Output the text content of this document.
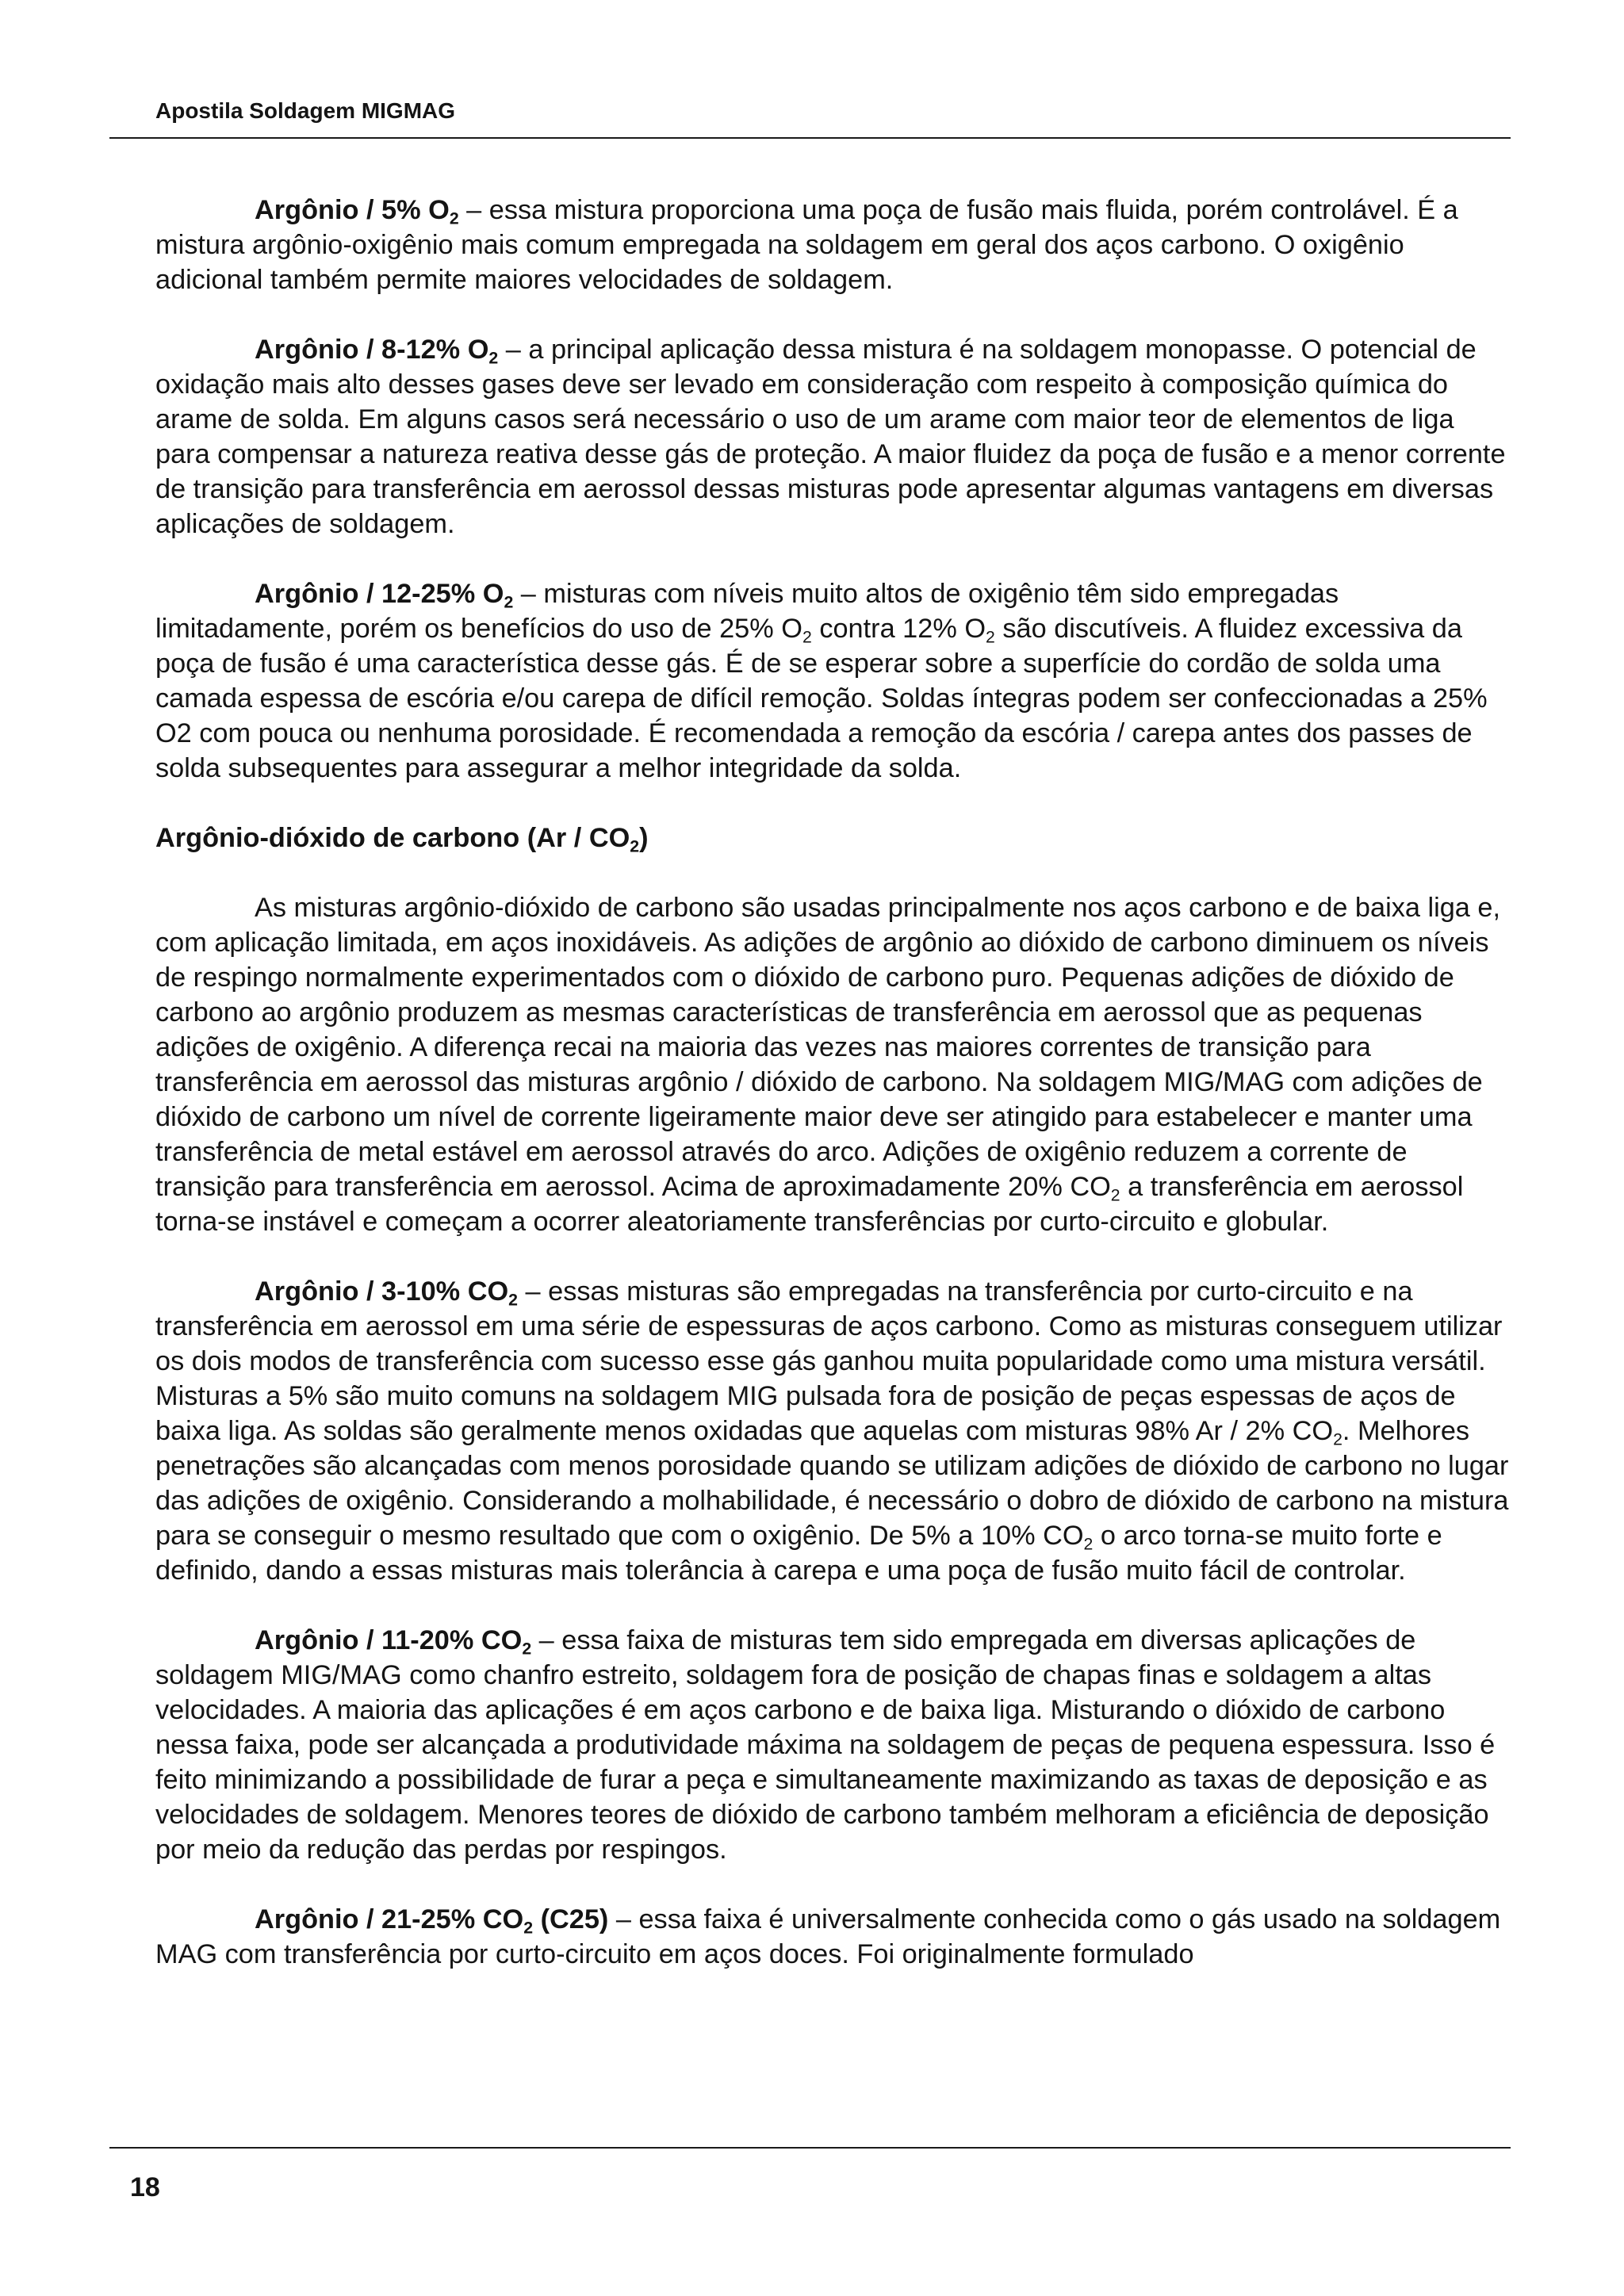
Apostila Soldagem MIGMAG

Argônio / 5% $O_2$ – essa mistura proporciona uma poça de fusão mais fluida, porém controlável. É a mistura argônio-oxigênio mais comum empregada na soldagem em geral dos aços carbono. O oxigênio adicional também permite maiores velocidades de soldagem.

Argônio / 8-12% $O_2$ – a principal aplicação dessa mistura é na soldagem monopasse. O potencial de oxidação mais alto desses gases deve ser levado em consideração com respeito à composição química do arame de solda. Em alguns casos será necessário o uso de um arame com maior teor de elementos de liga para compensar a natureza reativa desse gás de proteção. A maior fluidez da poça de fusão e a menor corrente de transição para transferência em aerossol dessas misturas pode apresentar algumas vantagens em diversas aplicações de soldagem.

Argônio / 12-25% $O_2$ – misturas com níveis muito altos de oxigênio têm sido empregadas limitadamente, porém os benefícios do uso de 25% $O_2$ contra 12% $O_2$ são discutíveis. A fluidez excessiva da poça de fusão é uma característica desse gás. É de se esperar sobre a superfície do cordão de solda uma camada espessa de escória e/ou carepa de difícil remoção. Soldas íntegras podem ser confeccionadas a 25% O2 com pouca ou nenhuma porosidade. É recomendada a remoção da escória / carepa antes dos passes de solda subsequentes para assegurar a melhor integridade da solda.

Argônio-dióxido de carbono $(Ar / CO_2)$

As misturas argônio-dióxido de carbono são usadas principalmente nos aços carbono e de baixa liga e, com aplicação limitada, em aços inoxidáveis. As adições de argônio ao dióxido de carbono diminuem os níveis de respingo normalmente experimentados com o dióxido de carbono puro. Pequenas adições de dióxido de carbono ao argônio produzem as mesmas características de transferência em aerossol que as pequenas adições de oxigênio. A diferença recai na maioria das vezes nas maiores correntes de transição para transferência em aerossol das misturas argônio / dióxido de carbono. Na soldagem MIG/MAG com adições de dióxido de carbono um nível de corrente ligeiramente maior deve ser atingido para estabelecer e manter uma transferência de metal estável em aerossol através do arco. Adições de oxigênio reduzem a corrente de transição para transferência em aerossol. Acima de aproximadamente 20% $CO_2$ a transferência em aerossol torna-se instável e começam a ocorrer aleatoriamente transferências por curto-circuito e globular.

Argônio / 3-10% $CO_2$ – essas misturas são empregadas na transferência por curto-circuito e na transferência em aerossol em uma série de espessuras de aços carbono. Como as misturas conseguem utilizar os dois modos de transferência com sucesso esse gás ganhou muita popularidade como uma mistura versátil. Misturas a 5% são muito comuns na soldagem MIG pulsada fora de posição de peças espessas de aços de baixa liga. As soldas são geralmente menos oxidadas que aquelas com misturas 98% Ar / 2% $CO_2$. Melhores penetrações são alcançadas com menos porosidade quando se utilizam adições de dióxido de carbono no lugar das adições de oxigênio. Considerando a molhabilidade, é necessário o dobro de dióxido de carbono na mistura para se conseguir o mesmo resultado que com o oxigênio. De 5% a 10% $CO_2$ o arco torna-se muito forte e definido, dando a essas misturas mais tolerância à carepa e uma poça de fusão muito fácil de controlar.

Argônio / 11-20% $CO_2$ – essa faixa de misturas tem sido empregada em diversas aplicações de soldagem MIG/MAG como chanfro estreito, soldagem fora de posição de chapas finas e soldagem a altas velocidades. A maioria das aplicações é em aços carbono e de baixa liga. Misturando o dióxido de carbono nessa faixa, pode ser alcançada a produtividade máxima na soldagem de peças de pequena espessura. Isso é feito minimizando a possibilidade de furar a peça e simultaneamente maximizando as taxas de deposição e as velocidades de soldagem. Menores teores de dióxido de carbono também melhoram a eficiência de deposição por meio da redução das perdas por respingos.

Argônio / 21-25% $CO_2$ (C25) – essa faixa é universalmente conhecida como o gás usado na soldagem MAG com transferência por curto-circuito em aços doces. Foi originalmente formulado

18
